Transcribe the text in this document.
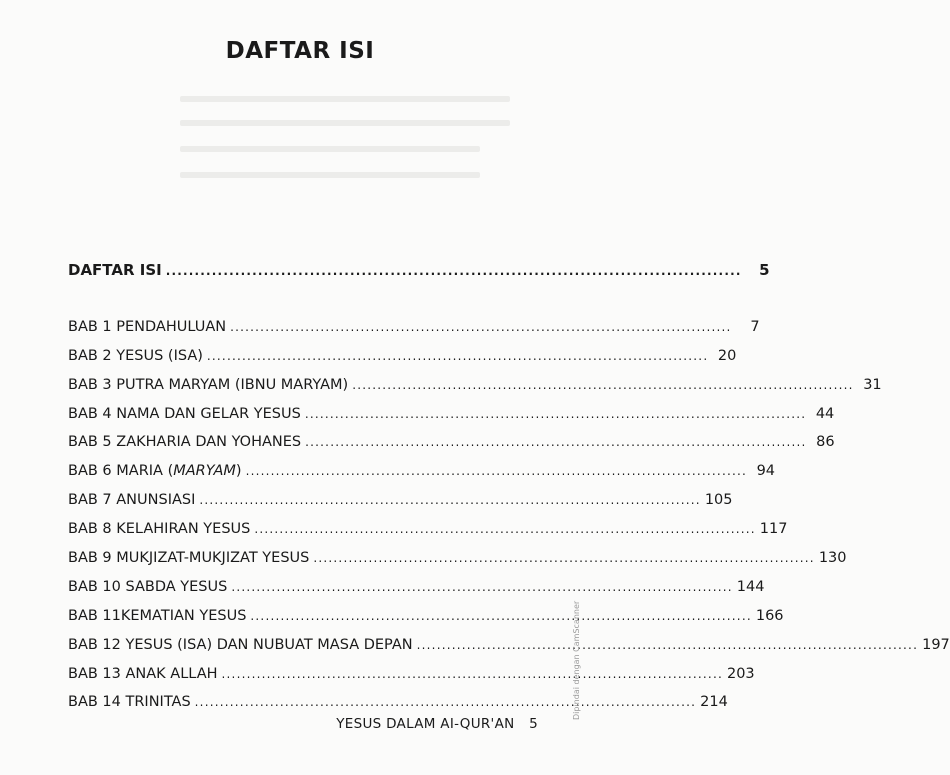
DAFTAR ISI
DAFTAR ISI ....................................................................................................	5
BAB 1 PENDAHULUAN ....................................................................................................	7
BAB 2 YESUS (ISA) .................................................................................................... 20
BAB 3 PUTRA MARYAM (IBNU MARYAM) .................................................................................................... 31
BAB 4 NAMA DAN GELAR YESUS .................................................................................................... 44
BAB 5 ZAKHARIA DAN YOHANES .................................................................................................... 86
BAB 6 MARIA (MARYAM) .................................................................................................... 94
BAB 7 ANUNSIASI .................................................................................................... 105
BAB 8 KELAHIRAN YESUS .................................................................................................... 117
BAB 9 MUKJIZAT-MUKJIZAT YESUS .................................................................................................... 130
BAB 10 SABDA YESUS .................................................................................................... 144
BAB 11KEMATIAN YESUS .................................................................................................... 166
BAB 12 YESUS (ISA) DAN NUBUAT MASA DEPAN .................................................................................................... 197
BAB 13 ANAK ALLAH .................................................................................................... 203
BAB 14 TRINITAS .................................................................................................... 214
YESUS DALAM AI-QUR'AN 5
Dipindai dengan CamScanner
